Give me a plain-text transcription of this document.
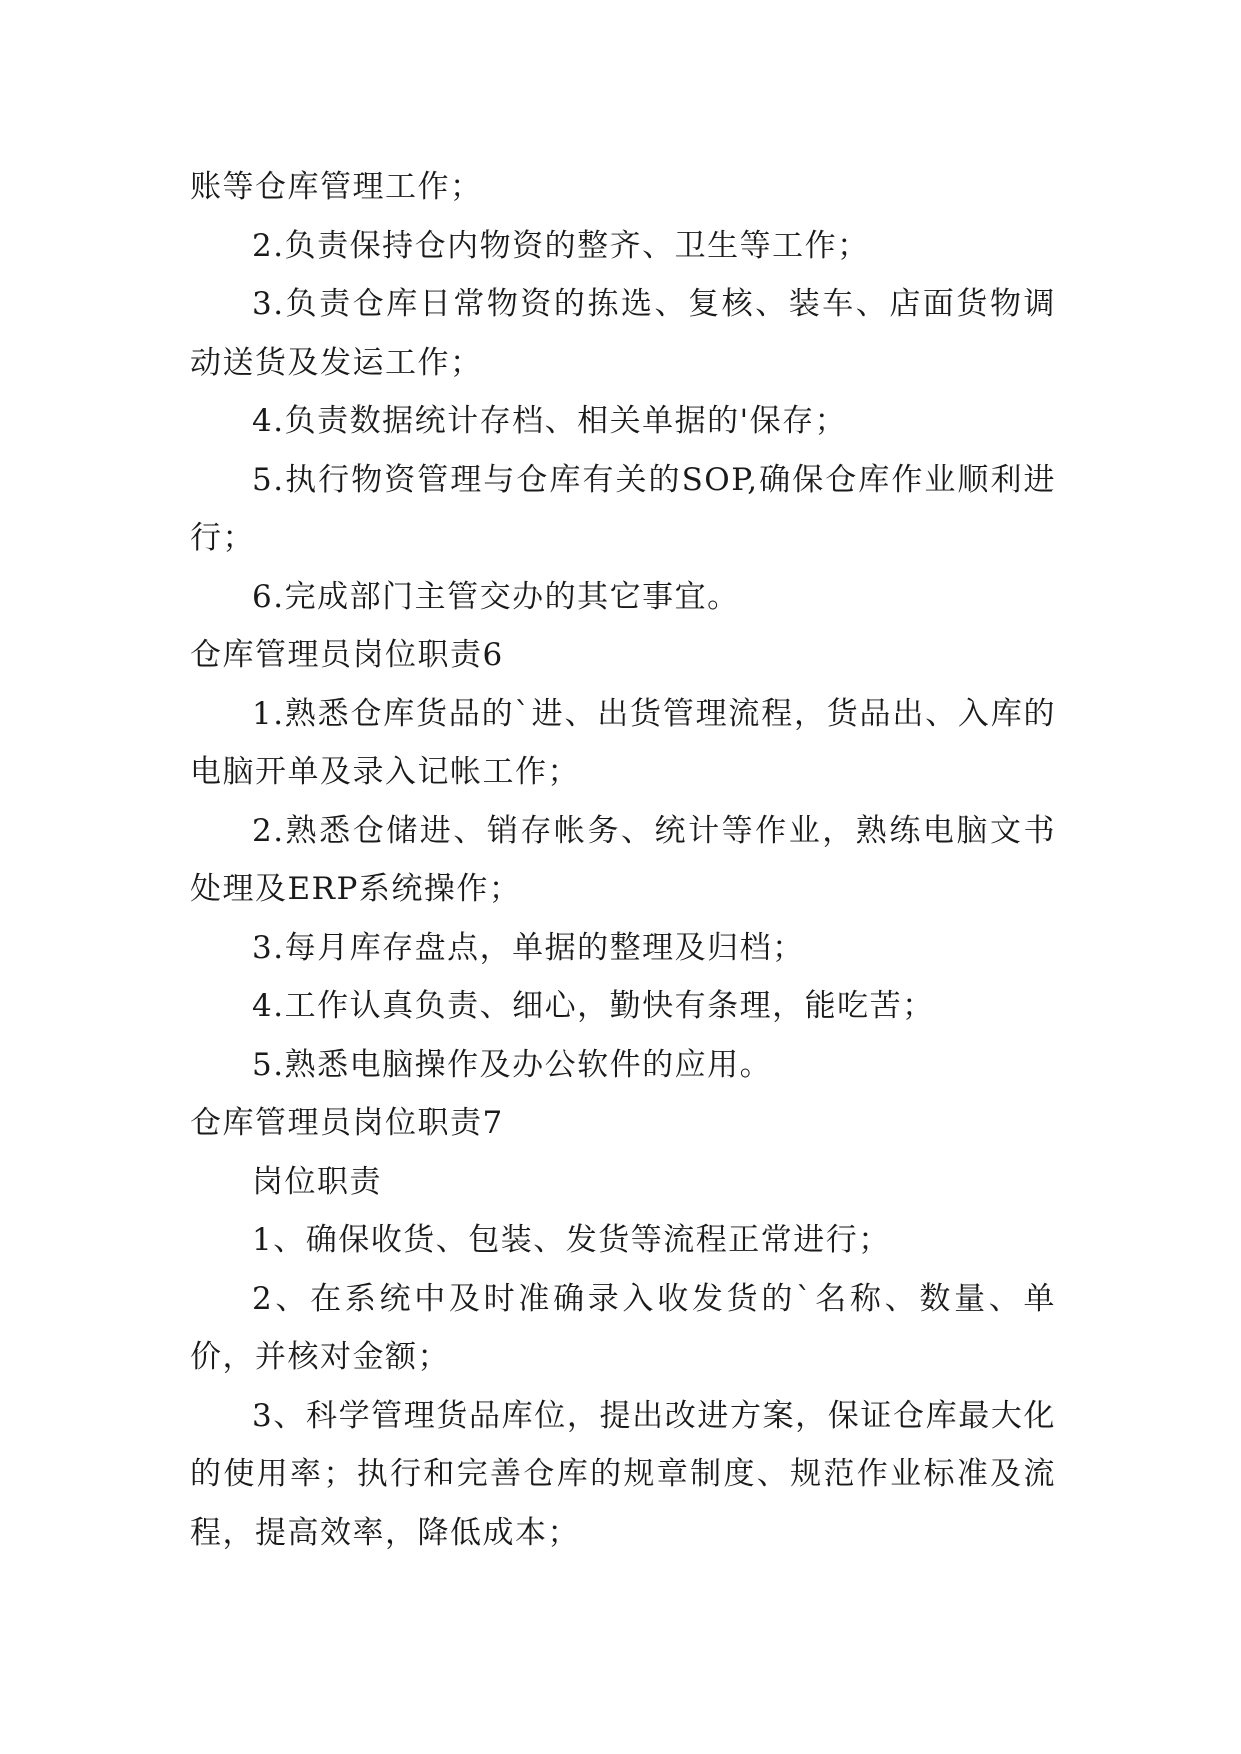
账等仓库管理工作；

2.负责保持仓内物资的整齐、卫生等工作；

3.负责仓库日常物资的拣选、复核、装车、店面货物调动送货及发运工作；

4.负责数据统计存档、相关单据的'保存；

5.执行物资管理与仓库有关的SOP,确保仓库作业顺利进行；

6.完成部门主管交办的其它事宜。

仓库管理员岗位职责6

1.熟悉仓库货品的`进、出货管理流程，货品出、入库的电脑开单及录入记帐工作；

2.熟悉仓储进、销存帐务、统计等作业，熟练电脑文书处理及ERP系统操作；

3.每月库存盘点，单据的整理及归档；

4.工作认真负责、细心，勤快有条理，能吃苦；

5.熟悉电脑操作及办公软件的应用。

仓库管理员岗位职责7

岗位职责

1、确保收货、包装、发货等流程正常进行；

2、在系统中及时准确录入收发货的`名称、数量、单价，并核对金额；

3、科学管理货品库位，提出改进方案，保证仓库最大化的使用率；执行和完善仓库的规章制度、规范作业标准及流程，提高效率，降低成本；
